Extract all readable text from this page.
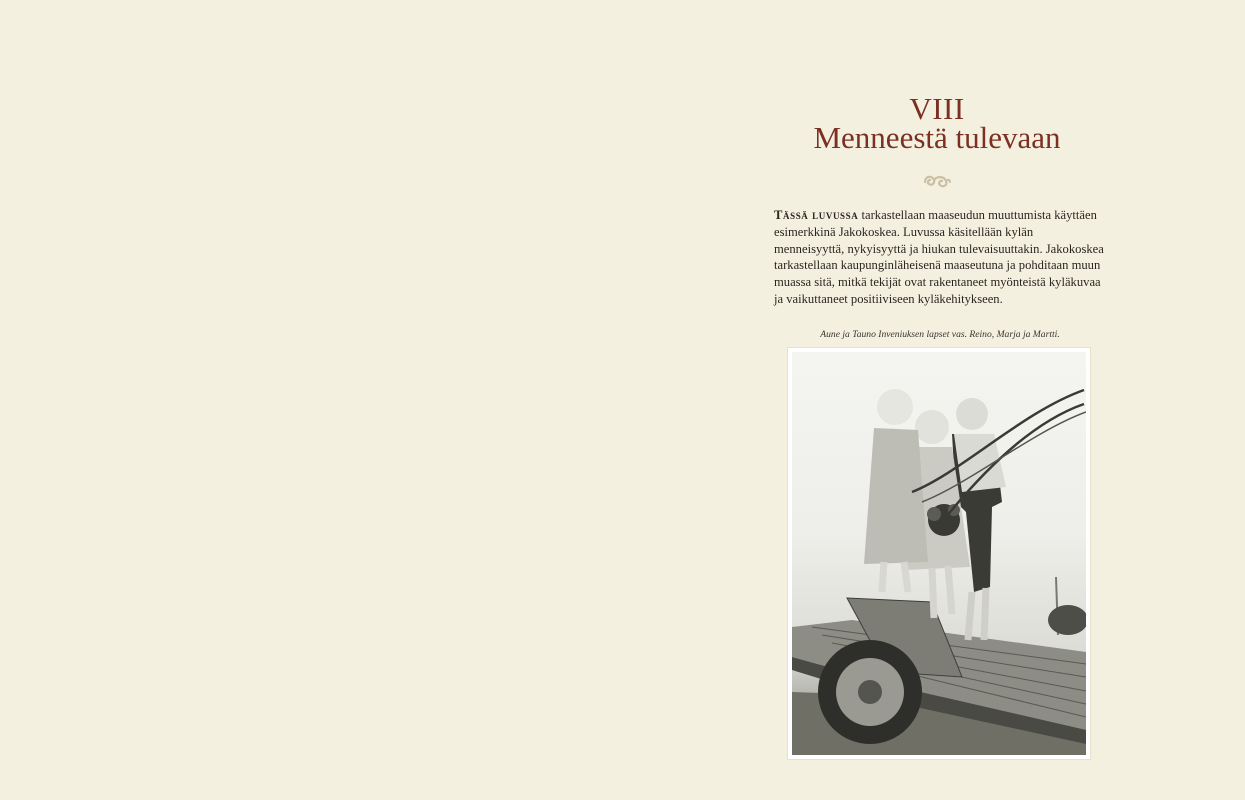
VIII
Menneestä tulevaan
Tässä luvussa tarkastellaan maaseudun muuttumista käyttäen esimerkkinä Jakokoskea. Luvussa käsitellään kylän menneisyyttä, nykyisyyttä ja hiukan tulevaisuuttakin. Jakokoskea tarkastellaan kaupunginläheisenä maaseutuna ja pohditaan muun muassa sitä, mitkä tekijät ovat rakentaneet myönteistä kyläkuvaa ja vaikuttaneet positiiviseen kyläkehitykseen.
Aune ja Tauno Inveniuksen lapset vas. Reino, Marja ja Martti.
